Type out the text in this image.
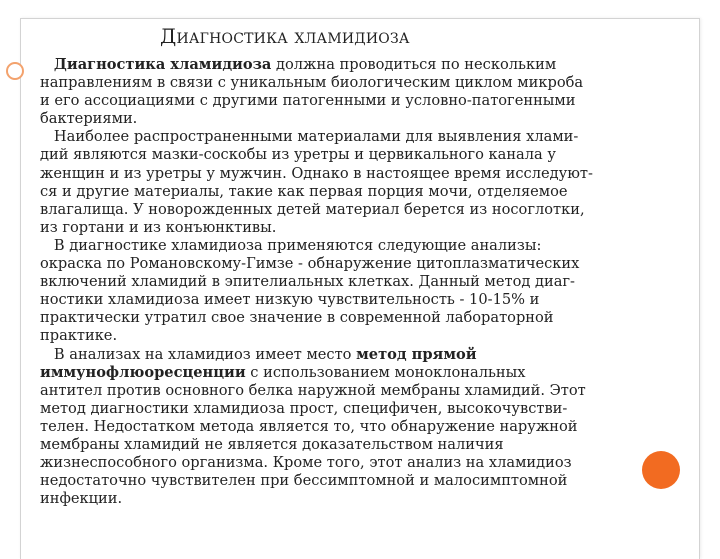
Диагностика хламидиоза
Диагностика хламидиоза должна проводиться по нескольким
направлениям в связи с уникальным биологическим циклом микроба
и его ассоциациями с другими патогенными и условно-патогенными
бактериями.
Наиболее распространенными материалами для выявления хлами-
дий являются мазки-соскобы из уретры и цервикального канала у
женщин и из уретры у мужчин. Однако в настоящее время исследуют-
ся и другие материалы, такие как первая порция мочи, отделяемое
влагалища. У новорожденных детей материал берется из носоглотки,
из гортани и из конъюнктивы.
В диагностике хламидиоза применяются следующие анализы:
окраска по Романовскому-Гимзе - обнаружение цитоплазматических
включений хламидий в эпителиальных клетках. Данный метод диаг-
ностики хламидиоза имеет низкую чувствительность - 10-15% и
практически утратил свое значение в современной лабораторной
практике.
В анализах на хламидиоз имеет место метод прямой
иммунофлюоресценции с использованием моноклональных
антител против основного белка наружной мембраны хламидий. Этот
метод диагностики хламидиоза прост, специфичен, высокочувстви-
телен. Недостатком метода является то, что обнаружение наружной
мембраны хламидий не является доказательством наличия
жизнеспособного организма. Кроме того, этот анализ на хламидиоз
недостаточно чувствителен при бессимптомной и малосимптомной
инфекции.
